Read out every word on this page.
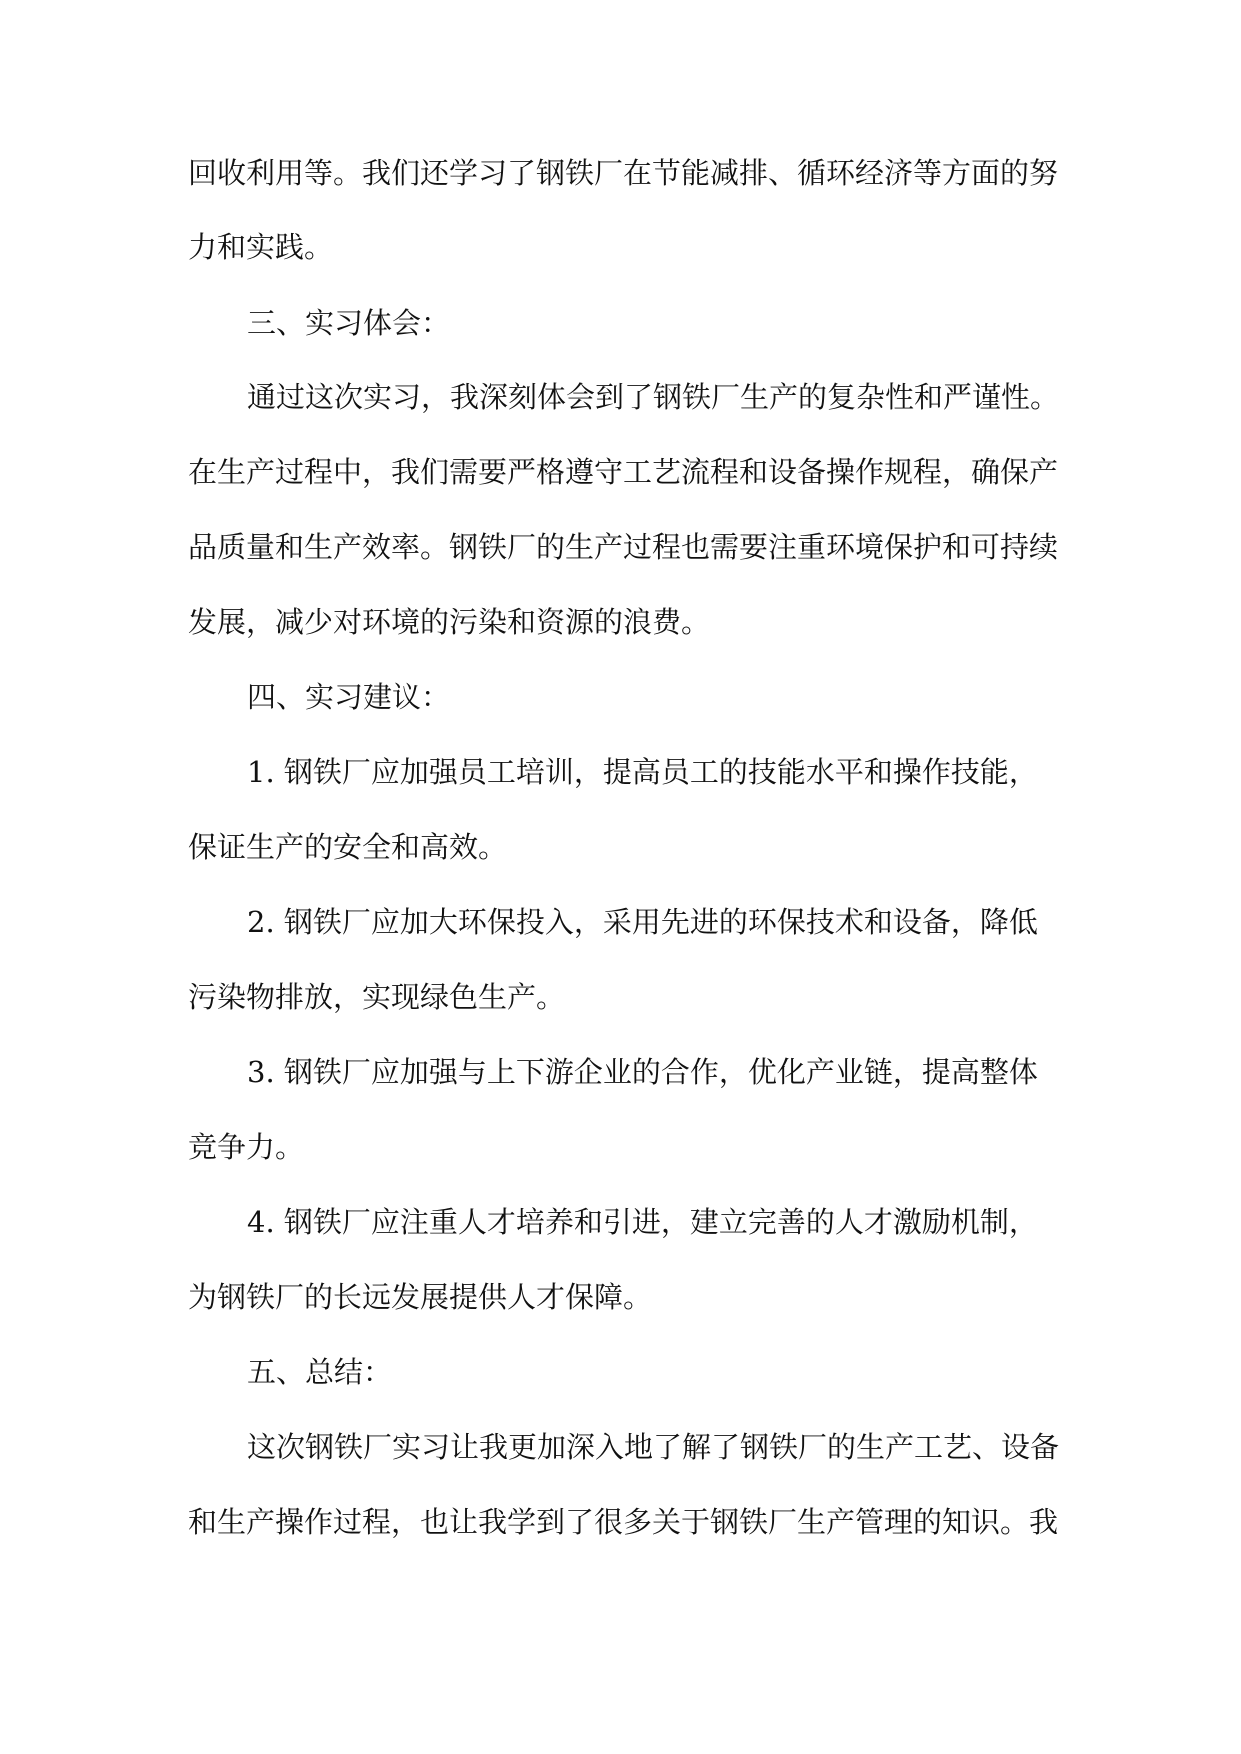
回收利用等。我们还学习了钢铁厂在节能减排、循环经济等方面的努
力和实践。
三、实习体会：
通过这次实习，我深刻体会到了钢铁厂生产的复杂性和严谨性。
在生产过程中，我们需要严格遵守工艺流程和设备操作规程，确保产
品质量和生产效率。钢铁厂的生产过程也需要注重环境保护和可持续
发展，减少对环境的污染和资源的浪费。
四、实习建议：
1. 钢铁厂应加强员工培训，提高员工的技能水平和操作技能，
保证生产的安全和高效。
2. 钢铁厂应加大环保投入，采用先进的环保技术和设备，降低
污染物排放，实现绿色生产。
3. 钢铁厂应加强与上下游企业的合作，优化产业链，提高整体
竞争力。
4. 钢铁厂应注重人才培养和引进，建立完善的人才激励机制，
为钢铁厂的长远发展提供人才保障。
五、总结：
这次钢铁厂实习让我更加深入地了解了钢铁厂的生产工艺、设备
和生产操作过程，也让我学到了很多关于钢铁厂生产管理的知识。我
